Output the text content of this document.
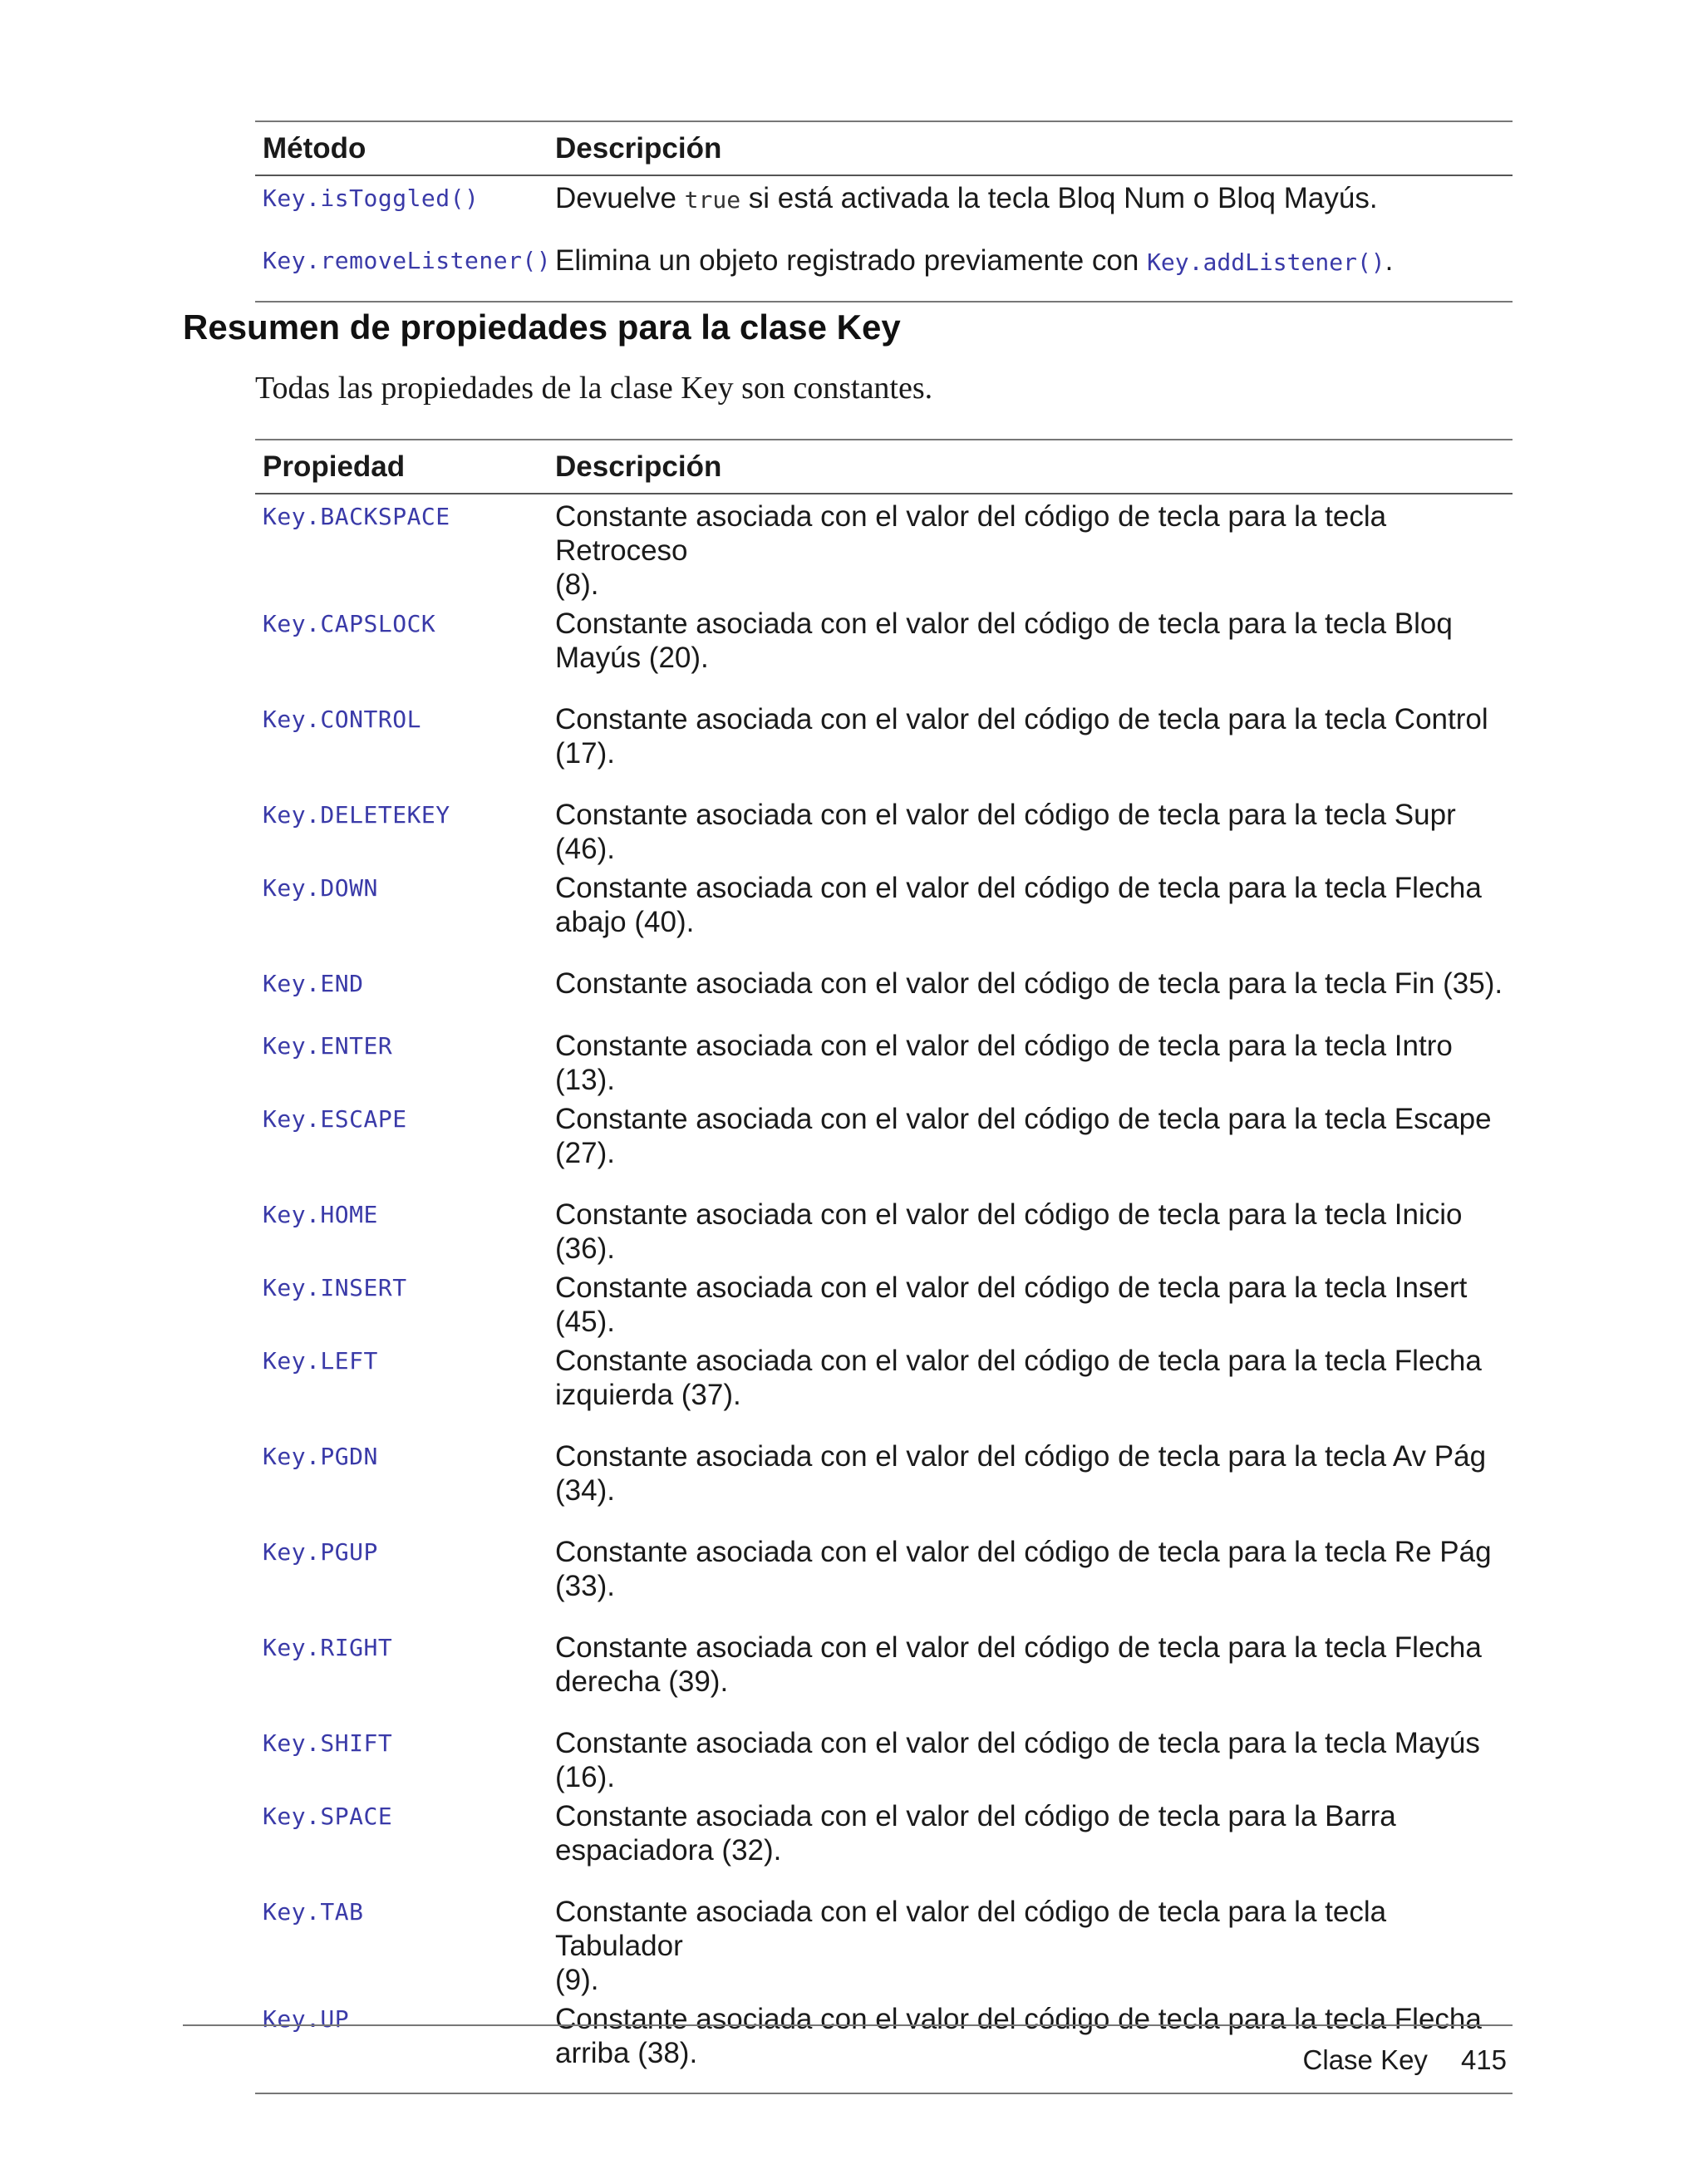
Método	Descripción
Key.isToggled()	Devuelve true si está activada la tecla Bloq Num o Bloq Mayús.
Key.removeListener()	Elimina un objeto registrado previamente con Key.addListener().
Resumen de propiedades para la clase Key

Todas las propiedades de la clase Key son constantes.

Propiedad	Descripción
Key.BACKSPACE	Constante asociada con el valor del código de tecla para la tecla Retroceso
(8).

Key.CAPSLOCK	Constante asociada con el valor del código de tecla para la tecla Bloq
Mayús (20).

Key.CONTROL	Constante asociada con el valor del código de tecla para la tecla Control
(17).

Key.DELETEKEY	Constante asociada con el valor del código de tecla para la tecla Supr (46).

Key.DOWN	Constante asociada con el valor del código de tecla para la tecla Flecha
abajo (40).

Key.END	Constante asociada con el valor del código de tecla para la tecla Fin (35).

Key.ENTER	Constante asociada con el valor del código de tecla para la tecla Intro (13).

Key.ESCAPE	Constante asociada con el valor del código de tecla para la tecla Escape
(27).

Key.HOME	Constante asociada con el valor del código de tecla para la tecla Inicio (36).

Key.INSERT	Constante asociada con el valor del código de tecla para la tecla Insert (45).

Key.LEFT	Constante asociada con el valor del código de tecla para la tecla Flecha
izquierda (37).

Key.PGDN	Constante asociada con el valor del código de tecla para la tecla Av Pág
(34).

Key.PGUP	Constante asociada con el valor del código de tecla para la tecla Re Pág
(33).

Key.RIGHT	Constante asociada con el valor del código de tecla para la tecla Flecha
derecha (39).

Key.SHIFT	Constante asociada con el valor del código de tecla para la tecla Mayús (16).

Key.SPACE	Constante asociada con el valor del código de tecla para la Barra
espaciadora (32).

Key.TAB	Constante asociada con el valor del código de tecla para la tecla Tabulador
(9).

Key.UP	Constante asociada con el valor del código de tecla para la tecla Flecha
arriba (38).	Clase Key 415
